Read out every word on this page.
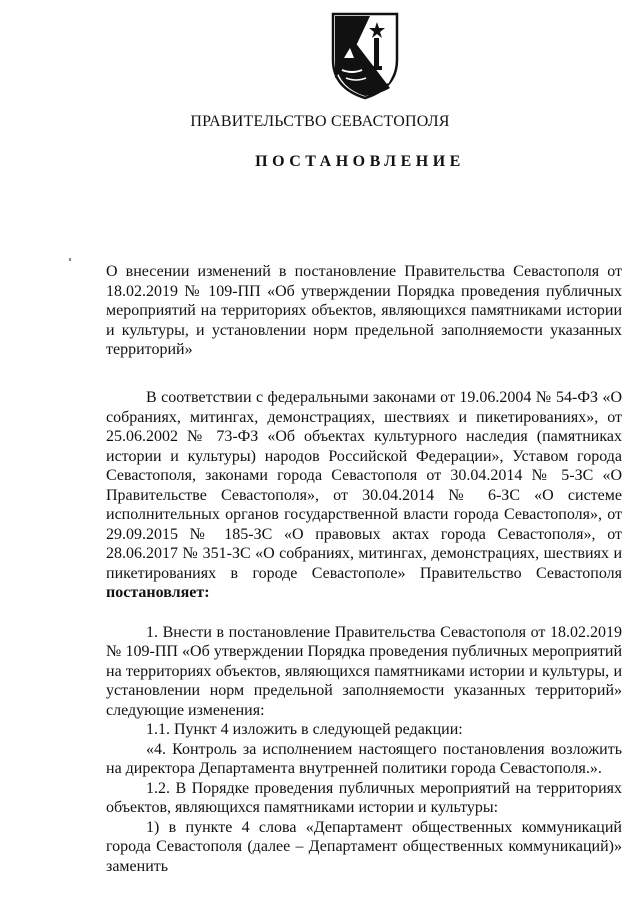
ПРАВИТЕЛЬСТВО СЕВАСТОПОЛЯ
ПОСТАНОВЛЕНИЕ
О внесении изменений в постановление Правительства Севастополя от 18.02.2019 № 109-ПП «Об утверждении Порядка проведения публичных мероприятий на территориях объектов, являющихся памятниками истории и культуры, и установлении норм предельной заполняемости указанных территорий»

В соответствии с федеральными законами от 19.06.2004 № 54-ФЗ «О собраниях, митингах, демонстрациях, шествиях и пикетированиях», от 25.06.2002 № 73-ФЗ «Об объектах культурного наследия (памятниках истории и культуры) народов Российской Федерации», Уставом города Севастополя, законами города Севастополя от 30.04.2014 № 5-ЗС «О Правительстве Севастополя», от 30.04.2014 № 6-ЗС «О системе исполнительных органов государственной власти города Севастополя», от 29.09.2015 № 185-ЗС «О правовых актах города Севастополя», от 28.06.2017 № 351-ЗС «О собраниях, митингах, демонстрациях, шествиях и пикетированиях в городе Севастополе» Правительство Севастополя постановляет:

1. Внести в постановление Правительства Севастополя от 18.02.2019 № 109-ПП «Об утверждении Порядка проведения публичных мероприятий на территориях объектов, являющихся памятниками истории и культуры, и установлении норм предельной заполняемости указанных территорий» следующие изменения:

1.1. Пункт 4 изложить в следующей редакции:

«4. Контроль за исполнением настоящего постановления возложить на директора Департамента внутренней политики города Севастополя.».

1.2. В Порядке проведения публичных мероприятий на территориях объектов, являющихся памятниками истории и культуры:

1) в пункте 4 слова «Департамент общественных коммуникаций города Севастополя (далее – Департамент общественных коммуникаций)» заменить
